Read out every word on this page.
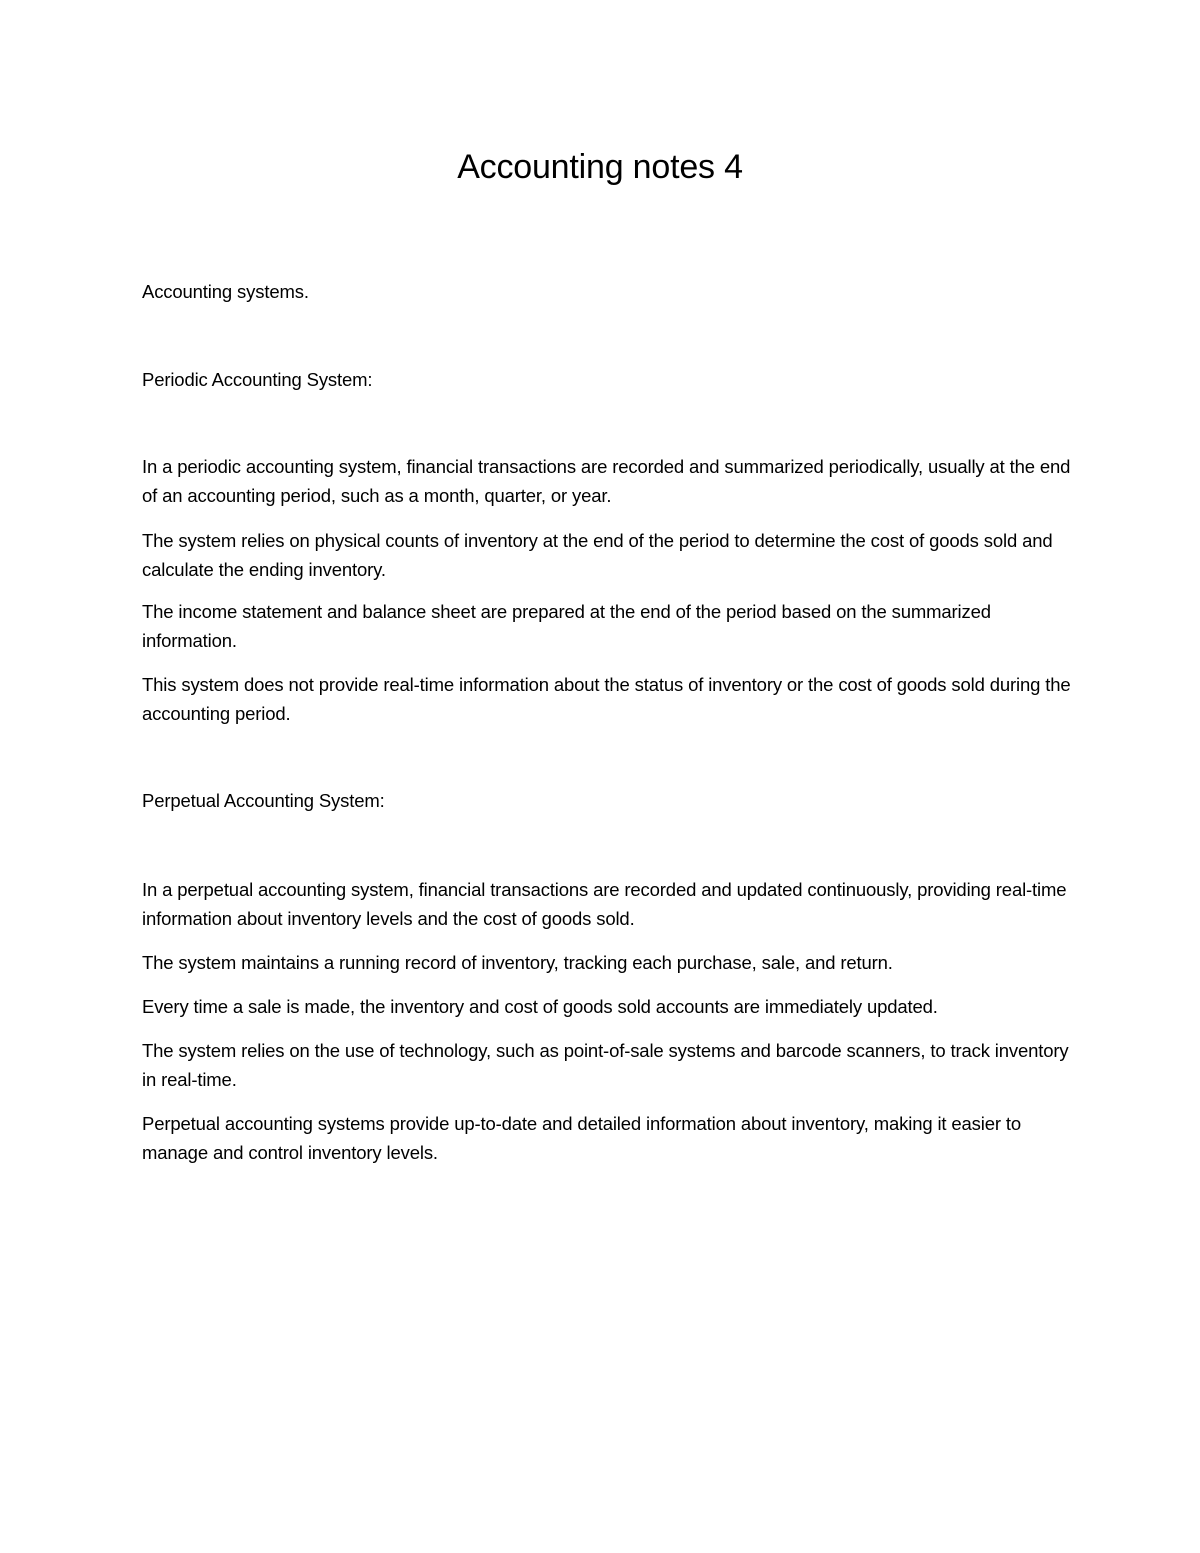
Accounting notes 4
Accounting systems.
Periodic Accounting System:
In a periodic accounting system, financial transactions are recorded and summarized periodically, usually at the end of an accounting period, such as a month, quarter, or year.
The system relies on physical counts of inventory at the end of the period to determine the cost of goods sold and calculate the ending inventory.
The income statement and balance sheet are prepared at the end of the period based on the summarized information.
This system does not provide real-time information about the status of inventory or the cost of goods sold during the accounting period.
Perpetual Accounting System:
In a perpetual accounting system, financial transactions are recorded and updated continuously, providing real-time information about inventory levels and the cost of goods sold.
The system maintains a running record of inventory, tracking each purchase, sale, and return.
Every time a sale is made, the inventory and cost of goods sold accounts are immediately updated.
The system relies on the use of technology, such as point-of-sale systems and barcode scanners, to track inventory in real-time.
Perpetual accounting systems provide up-to-date and detailed information about inventory, making it easier to manage and control inventory levels.
